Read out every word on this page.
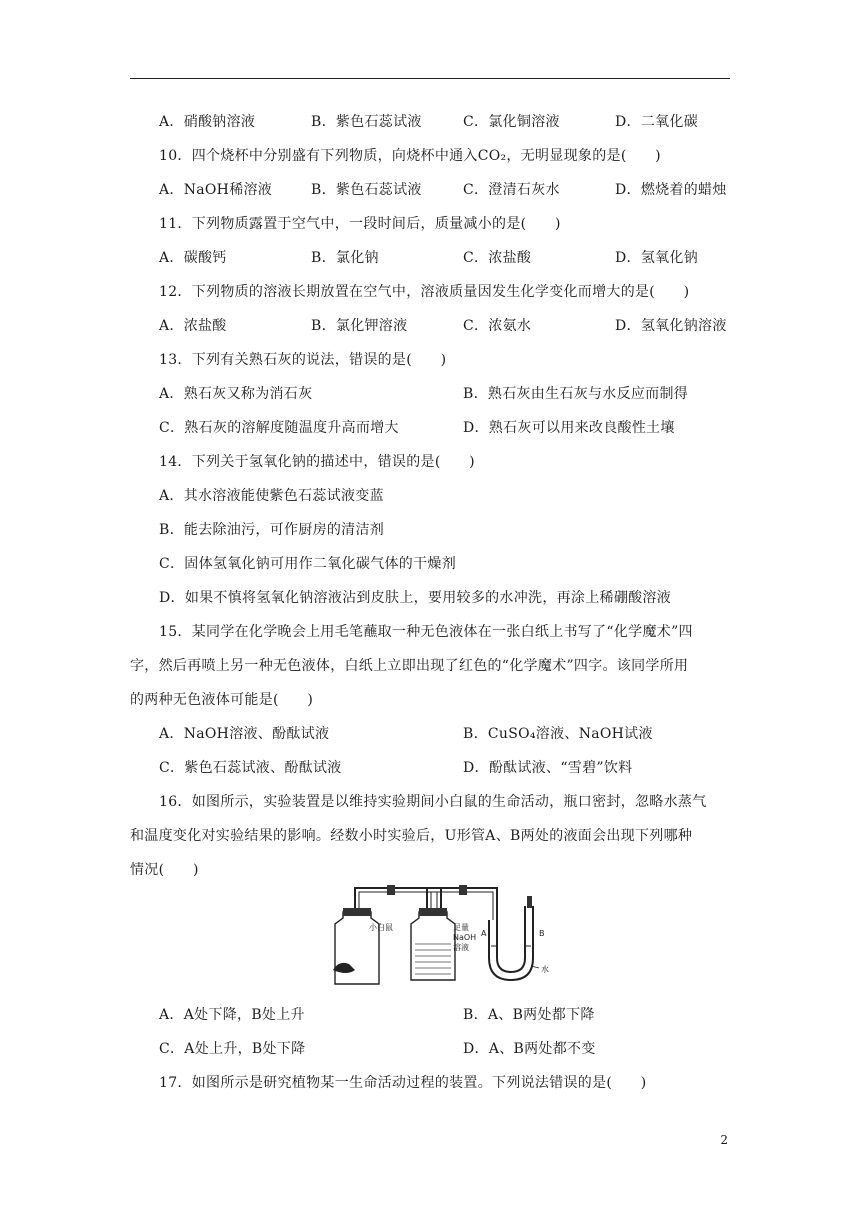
A．硝酸钠溶液	B．紫色石蕊试液	C．氯化铜溶液	D．二氧化碳
10．四个烧杯中分别盛有下列物质，向烧杯中通入CO₂，无明显现象的是(　　)
A．NaOH稀溶液	B．紫色石蕊试液	C．澄清石灰水	D．燃烧着的蜡烛
11．下列物质露置于空气中，一段时间后，质量减小的是(　　)
A．碳酸钙	B．氯化钠	C．浓盐酸	D．氢氧化钠
12．下列物质的溶液长期放置在空气中，溶液质量因发生化学变化而增大的是(　　)
A．浓盐酸	B．氯化钾溶液	C．浓氨水	D．氢氧化钠溶液
13．下列有关熟石灰的说法，错误的是(　　)
A．熟石灰又称为消石灰	B．熟石灰由生石灰与水反应而制得
C．熟石灰的溶解度随温度升高而增大	D．熟石灰可以用来改良酸性土壤
14．下列关于氢氧化钠的描述中，错误的是(　　)
A．其水溶液能使紫色石蕊试液变蓝
B．能去除油污，可作厨房的清洁剂
C．固体氢氧化钠可用作二氧化碳气体的干燥剂
D．如果不慎将氢氧化钠溶液沾到皮肤上，要用较多的水冲洗，再涂上稀硼酸溶液
15．某同学在化学晚会上用毛笔蘸取一种无色液体在一张白纸上书写了“化学魔术”四
字，然后再喷上另一种无色液体，白纸上立即出现了红色的“化学魔术”四字。该同学所用
的两种无色液体可能是(　　)
A．NaOH溶液、酚酞试液	B．CuSO₄溶液、NaOH试液
C．紫色石蕊试液、酚酞试液	D．酚酞试液、“雪碧”饮料
16．如图所示，实验装置是以维持实验期间小白鼠的生命活动，瓶口密封，忽略水蒸气
和温度变化对实验结果的影响。经数小时实验后，U形管A、B两处的液面会出现下列哪种
情况(　　)
小白鼠	足量
NaOH
溶液
A	B
水
A．A处下降，B处上升	B．A、B两处都下降
C．A处上升，B处下降	D．A、B两处都不变
17．如图所示是研究植物某一生命活动过程的装置。下列说法错误的是(　　)
2
